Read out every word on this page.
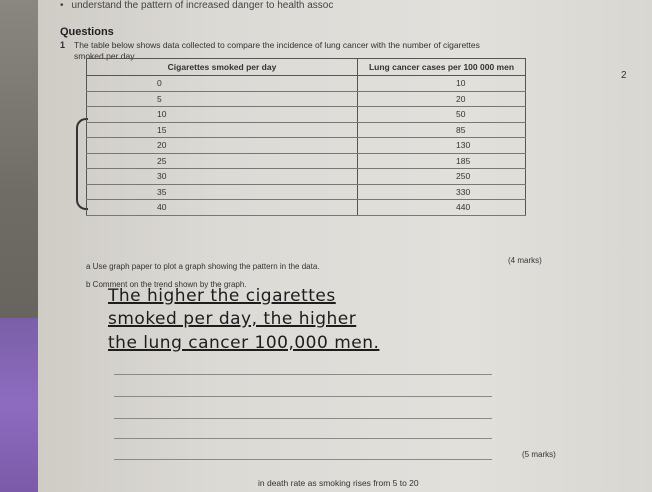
• understand the pattern of increased danger to health assoc
Questions
1 The table below shows data collected to compare the incidence of lung cancer with the number of cigarettes smoked per day.
2
Cigarettes smoked per day	Lung cancer cases per 100 000 men
0	10
5	20
10	50
15	85
20	130
25	185
30	250
35	330
40	440
a Use graph paper to plot a graph showing the pattern in the data.
(4 marks)
b Comment on the trend shown by the graph.
The higher the cigarettes
smoked per day, the higher
the lung cancer 100,000 men.
(5 marks)
in death rate as smoking rises from 5 to 20
